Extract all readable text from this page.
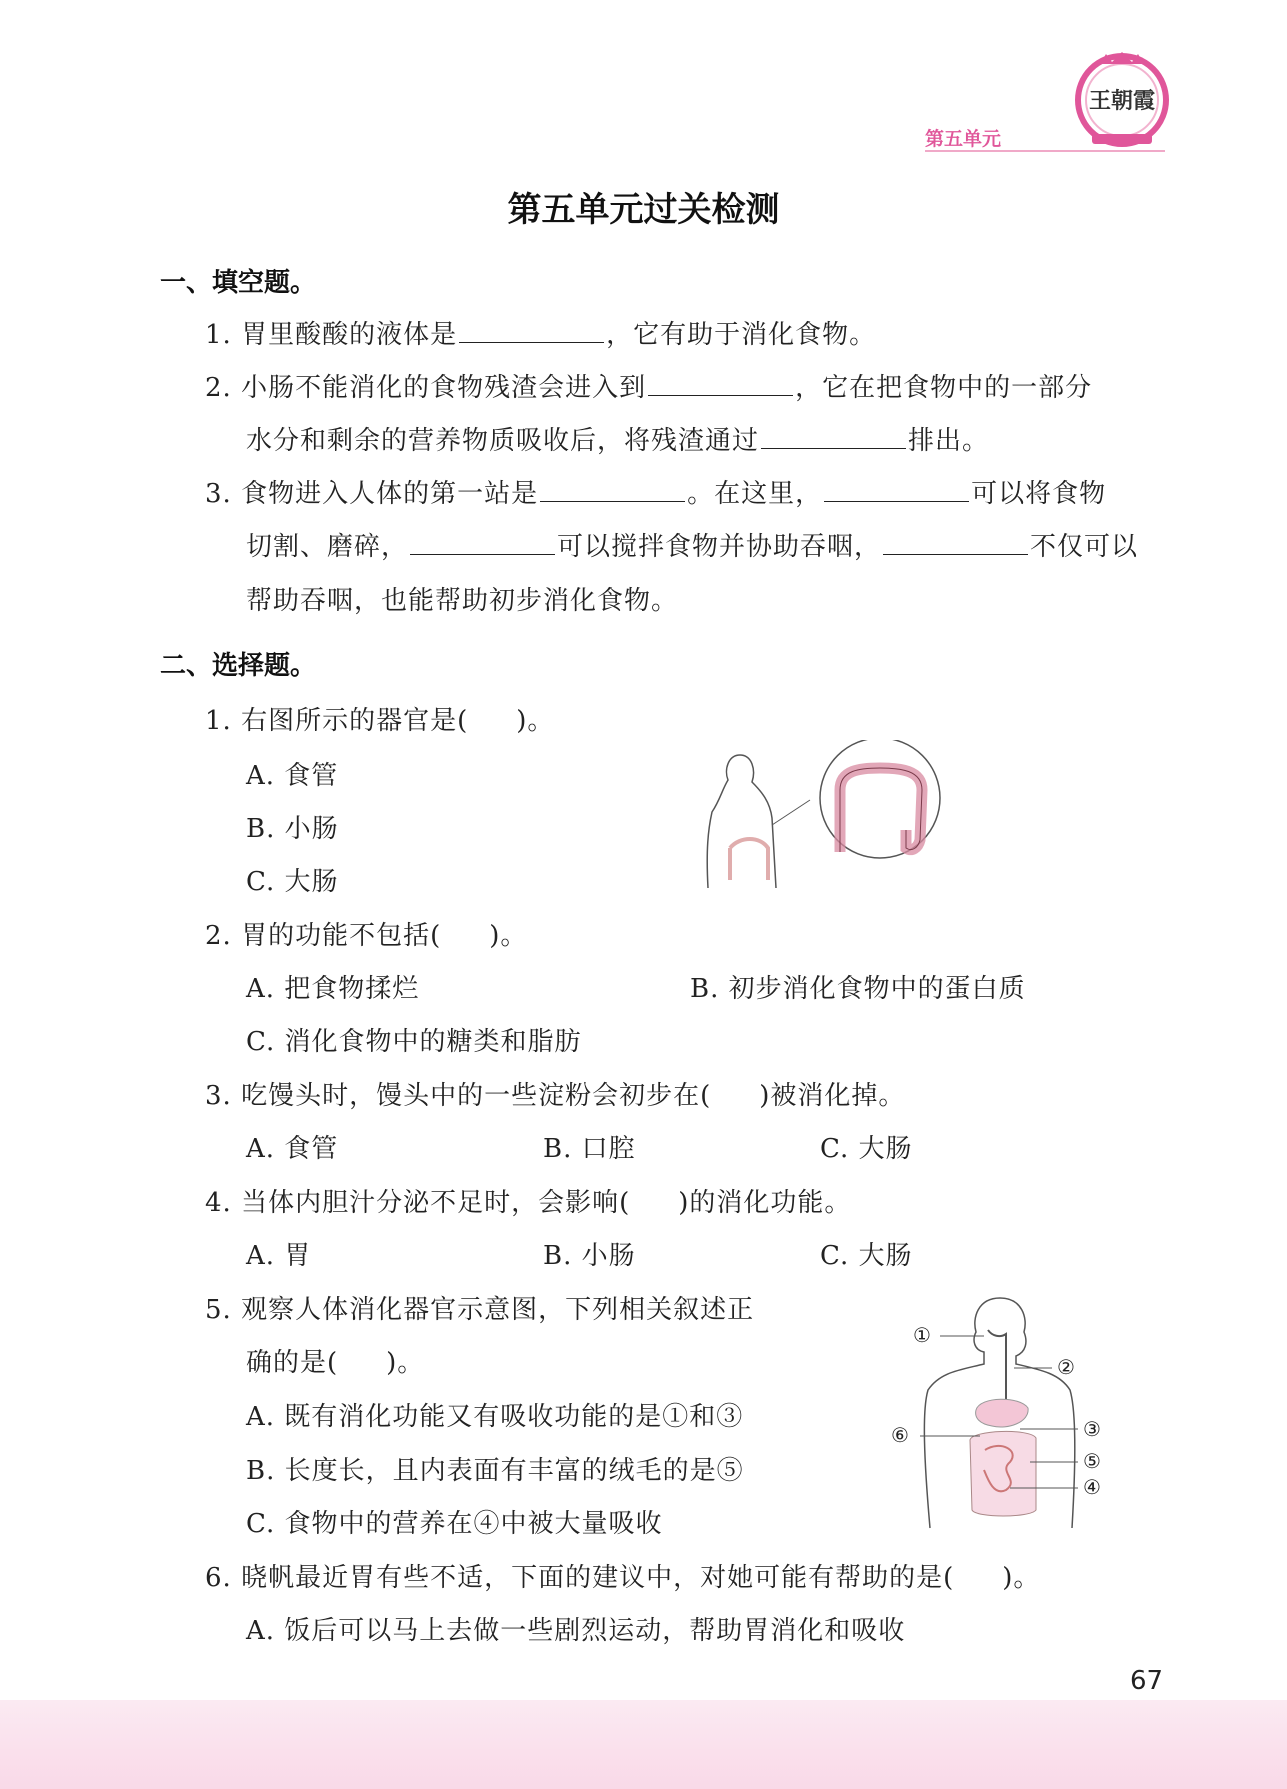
王朝霞
第五单元
第五单元过关检测
一、填空题。
1. 胃里酸酸的液体是	，它有助于消化食物。
2. 小肠不能消化的食物残渣会进入到	，它在把食物中的一部分
水分和剩余的营养物质吸收后，将残渣通过	排出。
3. 食物进入人体的第一站是	。在这里，	可以将食物
切割、磨碎，	可以搅拌食物并协助吞咽，	不仅可以
帮助吞咽，也能帮助初步消化食物。
二、选择题。
1. 右图所示的器官是( )。
A. 食管
B. 小肠
C. 大肠
2. 胃的功能不包括( )。
A. 把食物揉烂	B. 初步消化食物中的蛋白质
C. 消化食物中的糖类和脂肪
3. 吃馒头时，馒头中的一些淀粉会初步在( )被消化掉。
A. 食管	B. 口腔	C. 大肠
4. 当体内胆汁分泌不足时，会影响( )的消化功能。
A. 胃	B. 小肠	C. 大肠
5. 观察人体消化器官示意图，下列相关叙述正
确的是( )。
A. 既有消化功能又有吸收功能的是①和③
B. 长度长，且内表面有丰富的绒毛的是⑤
C. 食物中的营养在④中被大量吸收
①
②
③
④
⑤
⑥
6. 晓帆最近胃有些不适，下面的建议中，对她可能有帮助的是( )。
A. 饭后可以马上去做一些剧烈运动，帮助胃消化和吸收
67
